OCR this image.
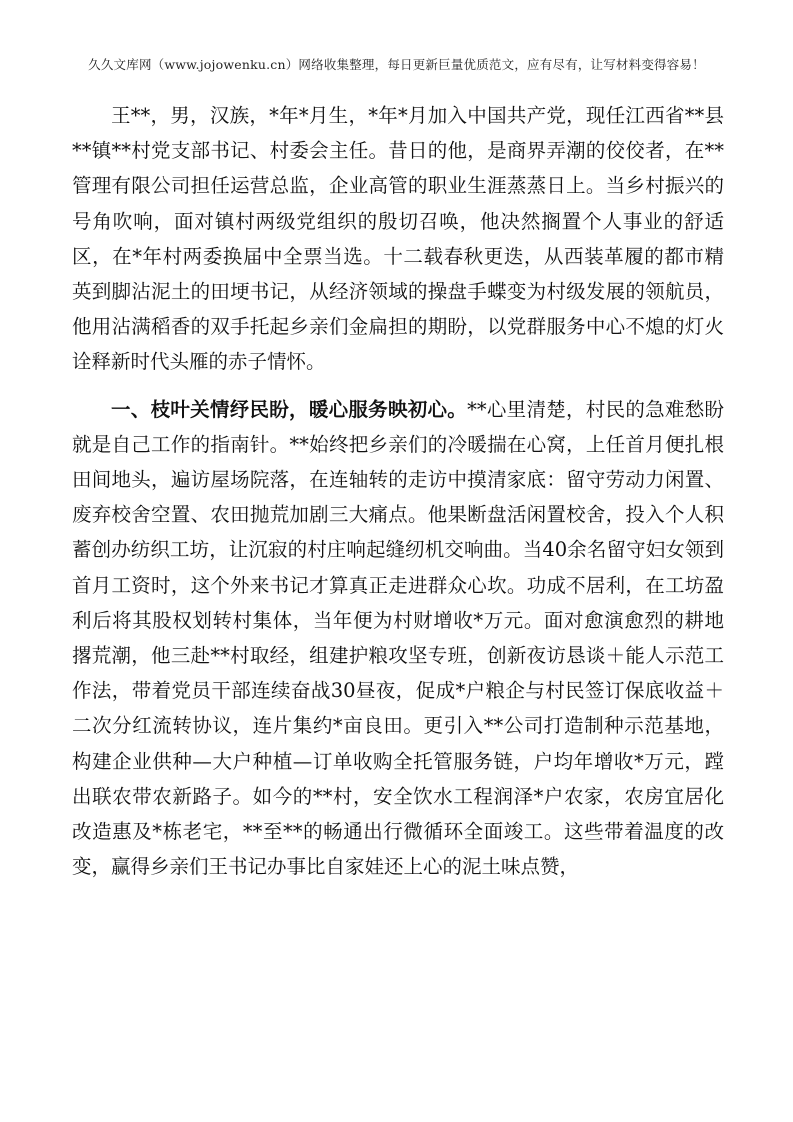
久久文库网（www.jojowenku.cn）网络收集整理，每日更新巨量优质范文，应有尽有，让写材料变得容易！

王**，男，汉族，*年*月生，*年*月加入中国共产党，现任江西省**县**镇**村党支部书记、村委会主任。昔日的他，是商界弄潮的佼佼者，在**管理有限公司担任运营总监，企业高管的职业生涯蒸蒸日上。当乡村振兴的号角吹响，面对镇村两级党组织的殷切召唤，他决然搁置个人事业的舒适区，在*年村两委换届中全票当选。十二载春秋更迭，从西装革履的都市精英到脚沾泥土的田埂书记，从经济领域的操盘手蝶变为村级发展的领航员，他用沾满稻香的双手托起乡亲们金扁担的期盼，以党群服务中心不熄的灯火诠释新时代头雁的赤子情怀。

一、枝叶关情纾民盼，暖心服务映初心。**心里清楚，村民的急难愁盼就是自己工作的指南针。**始终把乡亲们的冷暖揣在心窝，上任首月便扎根田间地头，遍访屋场院落，在连轴转的走访中摸清家底：留守劳动力闲置、废弃校舍空置、农田抛荒加剧三大痛点。他果断盘活闲置校舍，投入个人积蓄创办纺织工坊，让沉寂的村庄响起缝纫机交响曲。当40余名留守妇女领到首月工资时，这个外来书记才算真正走进群众心坎。功成不居利，在工坊盈利后将其股权划转村集体，当年便为村财增收*万元。面对愈演愈烈的耕地撂荒潮，他三赴**村取经，组建护粮攻坚专班，创新夜访恳谈＋能人示范工作法，带着党员干部连续奋战30昼夜，促成*户粮企与村民签订保底收益＋二次分红流转协议，连片集约*亩良田。更引入**公司打造制种示范基地，构建企业供种—大户种植—订单收购全托管服务链，户均年增收*万元，蹚出联农带农新路子。如今的**村，安全饮水工程润泽*户农家，农房宜居化改造惠及*栋老宅，**至**的畅通出行微循环全面竣工。这些带着温度的改变，赢得乡亲们王书记办事比自家娃还上心的泥土味点赞，
